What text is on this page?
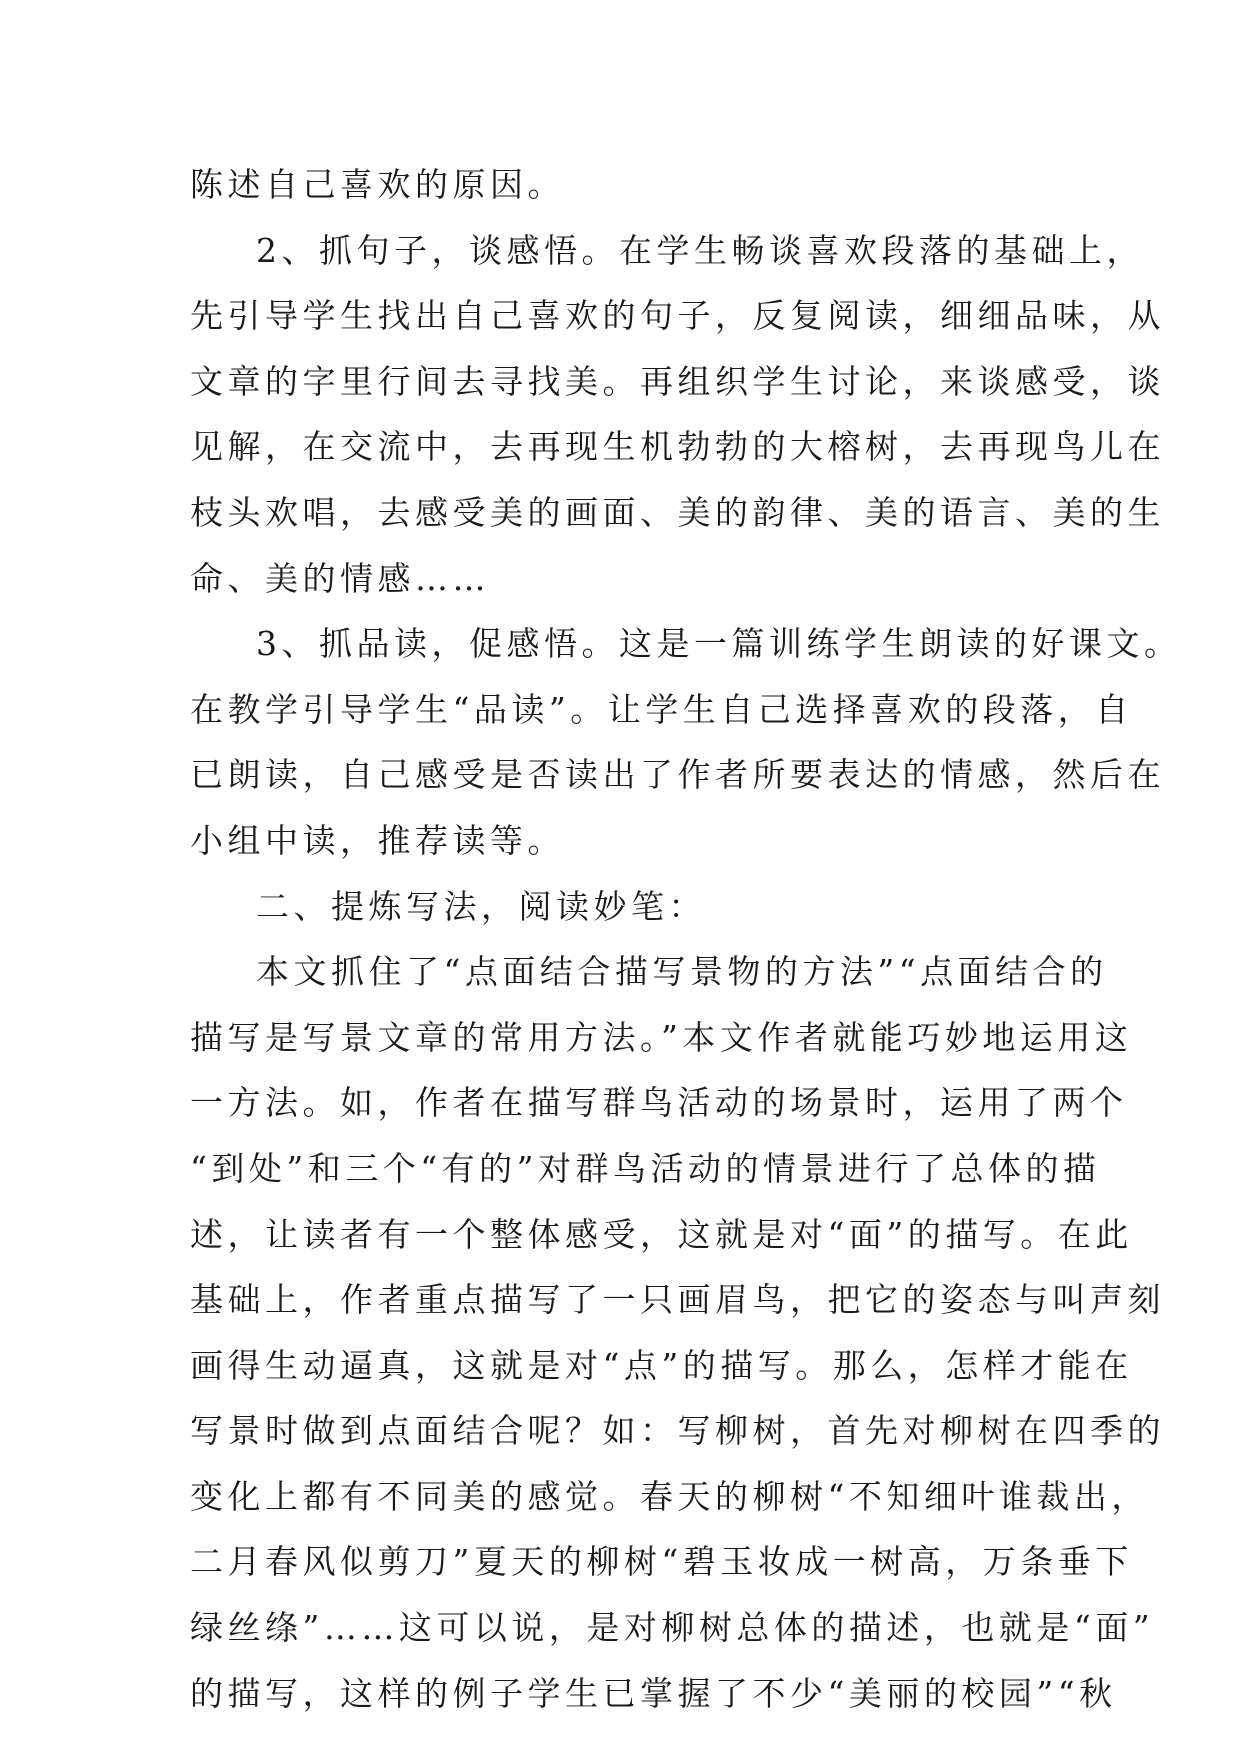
陈述自己喜欢的原因。
2、抓句子，谈感悟。在学生畅谈喜欢段落的基础上，
先引导学生找出自己喜欢的句子，反复阅读，细细品味，从
文章的字里行间去寻找美。再组织学生讨论，来谈感受，谈
见解，在交流中，去再现生机勃勃的大榕树，去再现鸟儿在
枝头欢唱，去感受美的画面、美的韵律、美的语言、美的生
命、美的情感……
3、抓品读，促感悟。这是一篇训练学生朗读的好课文。
在教学引导学生“品读”。让学生自己选择喜欢的段落，自
已朗读，自己感受是否读出了作者所要表达的情感，然后在
小组中读，推荐读等。
二、提炼写法，阅读妙笔：
本文抓住了“点面结合描写景物的方法”“点面结合的
描写是写景文章的常用方法。”本文作者就能巧妙地运用这
一方法。如，作者在描写群鸟活动的场景时，运用了两个
“到处”和三个“有的”对群鸟活动的情景进行了总体的描
述，让读者有一个整体感受，这就是对“面”的描写。在此
基础上，作者重点描写了一只画眉鸟，把它的姿态与叫声刻
画得生动逼真，这就是对“点”的描写。那么，怎样才能在
写景时做到点面结合呢？如：写柳树，首先对柳树在四季的
变化上都有不同美的感觉。春天的柳树“不知细叶谁裁出，
二月春风似剪刀”夏天的柳树“碧玉妆成一树高，万条垂下
绿丝绦”……这可以说，是对柳树总体的描述，也就是“面”
的描写，这样的例子学生已掌握了不少“美丽的校园”“秋
